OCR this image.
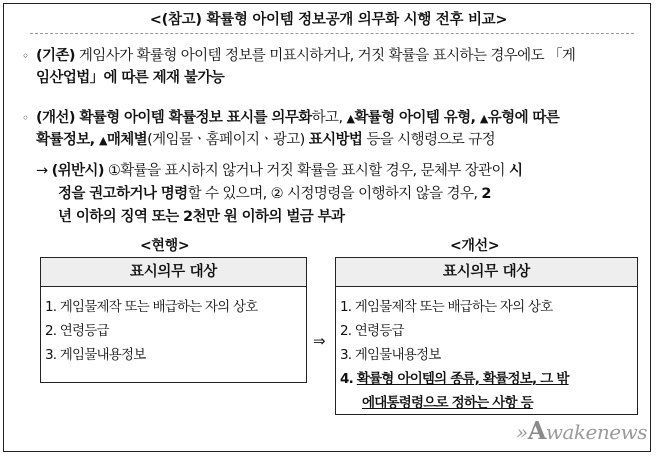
<(참고) 확률형 아이템 정보공개 의무화 시행 전후 비교>
◦ (기존) 게임사가 확률형 아이템 정보를 미표시하거나, 거짓 확률을 표시하는 경우에도 「게
임산업법」에 따른 제재 불가능
◦ (개선) 확률형 아이템 확률정보 표시를 의무화하고, ▲확률형 아이템 유형, ▲유형에 따른
확률정보, ▲매체별(게임물ㆍ홈페이지ㆍ광고) 표시방법 등을 시행령으로 규정
→ (위반시) ①확률을 표시하지 않거나 거짓 확률을 표시할 경우, 문체부 장관이 시
정을 권고하거나 명령할 수 있으며, ② 시정명령을 이행하지 않을 경우, 2
년 이하의 징역 또는 2천만 원 이하의 벌금 부과
<현행>	<개선>
표시의무 대상
1. 게임물제작 또는 배급하는 자의 상호
2. 연령등급
3. 게임물내용정보
⇒
표시의무 대상
1. 게임물제작 또는 배급하는 자의 상호
2. 연령등급
3. 게임물내용정보
4. 확률형 아이템의 종류, 확률정보, 그 밖
에대통령령으로 정하는 사항 등
»Awakenews
